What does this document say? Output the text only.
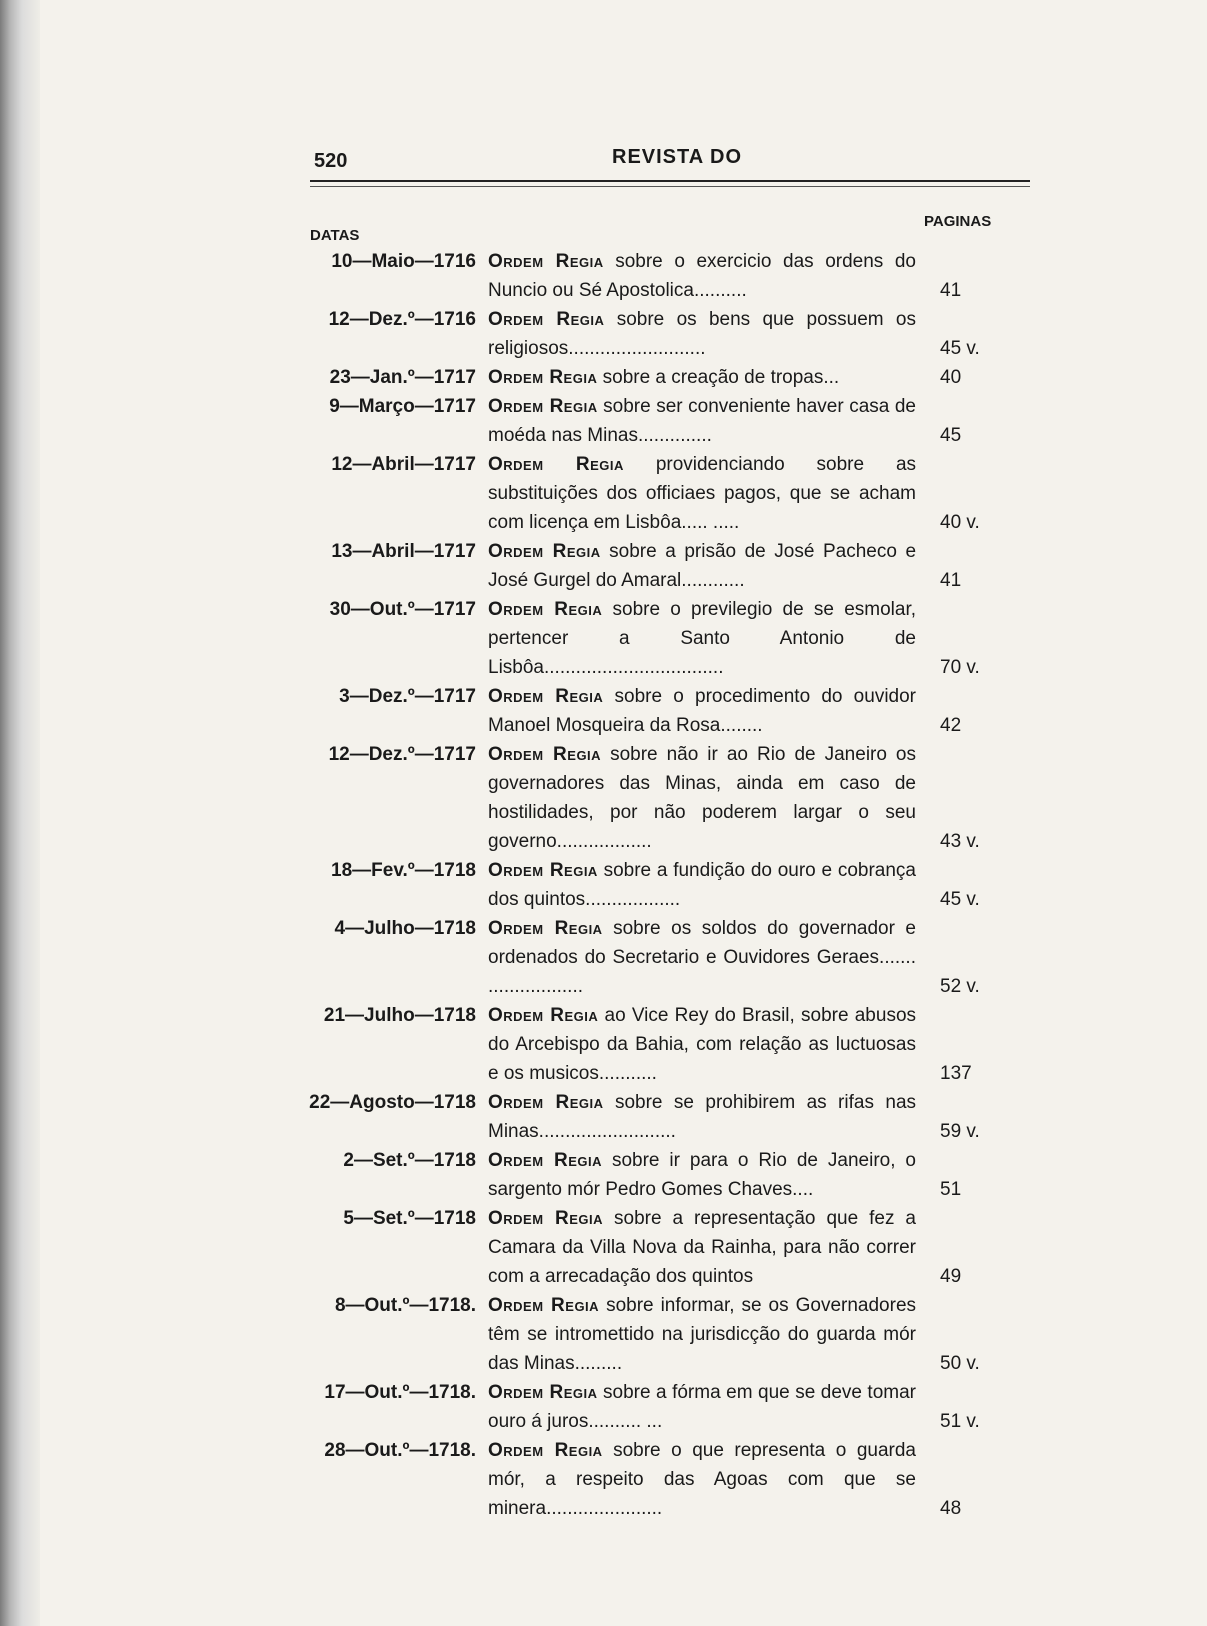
520	REVISTA DO
DATAS
PAGINAS
10—Maio—1716 Ordem Regia sobre o exercicio das ordens do Nuncio ou Sé Apostolica..........	41
12—Dez.º—1716 Ordem Regia sobre os bens que possuem os religiosos..........................	45 v.
23—Jan.º—1717 Ordem Regia sobre a creação de tropas...	40
9—Março—1717 Ordem Regia sobre ser conveniente haver casa de moéda nas Minas..............	45
12—Abril—1717 Ordem Regia providenciando sobre as substituições dos officiaes pagos, que se acham com licença em Lisbôa..... .....	40 v.
13—Abril—1717 Ordem Regia sobre a prisão de José Pacheco e José Gurgel do Amaral............	41
30—Out.º—1717 Ordem Regia sobre o previlegio de se esmolar, pertencer a Santo Antonio de Lisbôa..................................	70 v.
3—Dez.º—1717 Ordem Regia sobre o procedimento do ouvidor Manoel Mosqueira da Rosa........	42
12—Dez.º—1717 Ordem Regia sobre não ir ao Rio de Janeiro os governadores das Minas, ainda em caso de hostilidades, por não poderem largar o seu governo..................	43 v.
18—Fev.º—1718 Ordem Regia sobre a fundição do ouro e cobrança dos quintos..................	45 v.
4—Julho—1718 Ordem Regia sobre os soldos do governador e ordenados do Secretario e Ouvidores Geraes....... ..................	52 v.
21—Julho—1718 Ordem Regia ao Vice Rey do Brasil, sobre abusos do Arcebispo da Bahia, com relação as luctuosas e os musicos...........	137
22—Agosto—1718 Ordem Regia sobre se prohibirem as rifas nas Minas..........................	59 v.
2—Set.º—1718 Ordem Regia sobre ir para o Rio de Janeiro, o sargento mór Pedro Gomes Chaves....	51
5—Set.º—1718 Ordem Regia sobre a representação que fez a Camara da Villa Nova da Rainha, para não correr com a arrecadação dos quintos	49
8—Out.º—1718. Ordem Regia sobre informar, se os Governadores têm se intromettido na jurisdicção do guarda mór das Minas.........	50 v.
17—Out.º—1718. Ordem Regia sobre a fórma em que se deve tomar ouro á juros.......... ...	51 v.
28—Out.º—1718. Ordem Regia sobre o que representa o guarda mór, a respeito das Agoas com que se minera......................	48
